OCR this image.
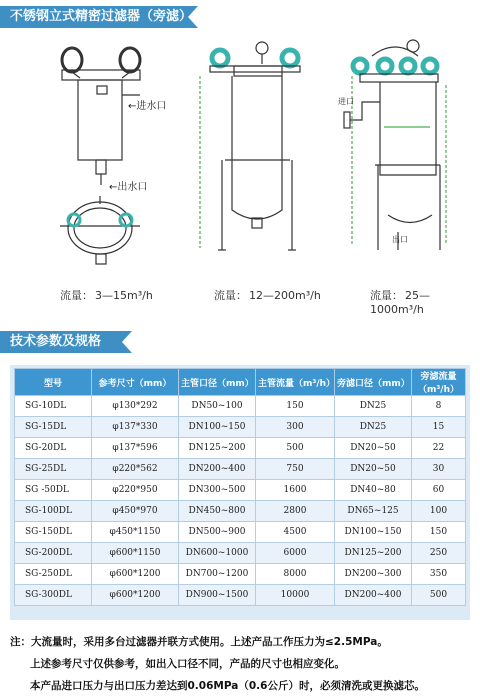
不锈钢立式精密过滤器（旁滤）
←进水口
←出水口
进口
出口
流量： 3—15m³/h	流量： 12—200m³/h	流量： 25—1000m³/h
技术参数及规格
型号	参考尺寸（mm）	主管口径（mm）	主管流量（m³/h）	旁滤口径（mm）	旁滤流量（m³/h）
SG-10DL	φ130*292	DN50~100	150	DN25	8
SG-15DL	φ137*330	DN100~150	300	DN25	15
SG-20DL	φ137*596	DN125~200	500	DN20~50	22
SG-25DL	φ220*562	DN200~400	750	DN20~50	30
SG -50DL	φ220*950	DN300~500	1600	DN40~80	60
SG-100DL	φ450*970	DN450~800	2800	DN65~125	100
SG-150DL	φ450*1150	DN500~900	4500	DN100~150	150
SG-200DL	φ600*1150	DN600~1000	6000	DN125~200	250
SG-250DL	φ600*1200	DN700~1200	8000	DN200~300	350
SG-300DL	φ600*1200	DN900~1500	10000	DN200~400	500
注：大流量时，采用多台过滤器并联方式使用。上述产品工作压力为≤2.5MPa。
上述参考尺寸仅供参考，如出入口径不同，产品的尺寸也相应变化。
本产品进口压力与出口压力差达到0.06MPa（0.6公斤）时，必须清洗或更换滤芯。
